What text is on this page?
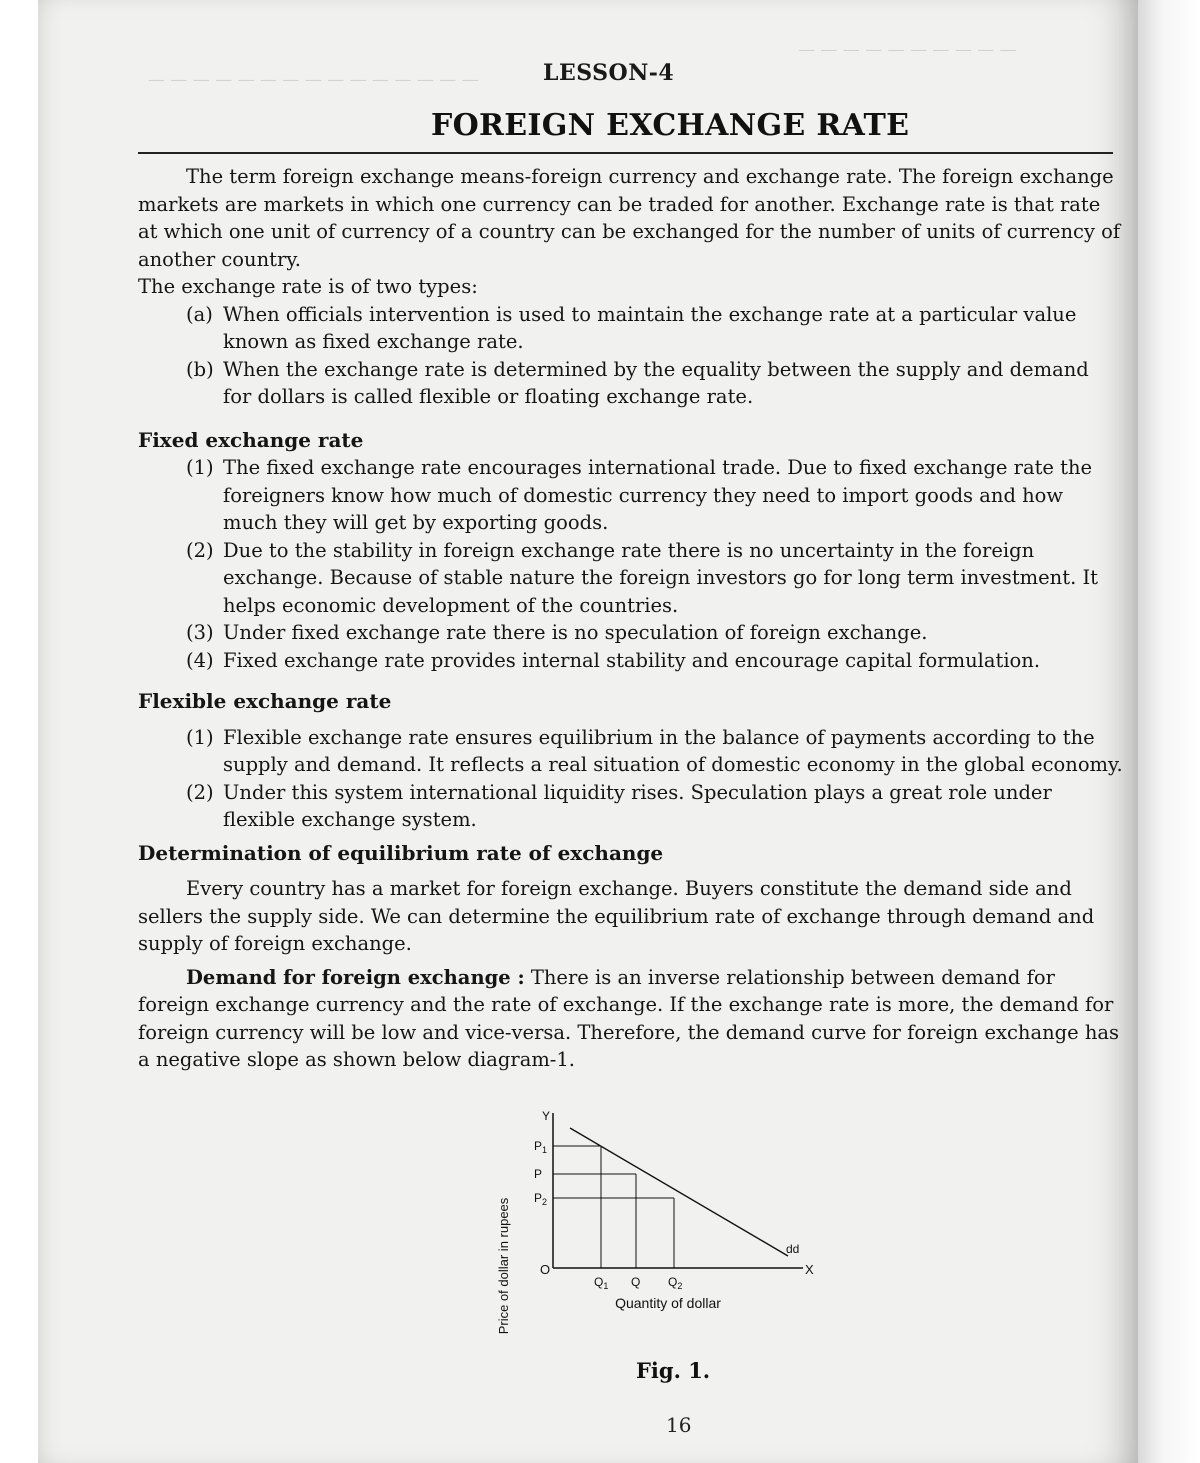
— — — — — — — — — — — — — — —
— — — — — — — — — —
LESSON-4
FOREIGN EXCHANGE RATE

The term foreign exchange means-foreign currency and exchange rate. The foreign exchange markets are markets in which one currency can be traded for another. Exchange rate is that rate at which one unit of currency of a country can be exchanged for the number of units of currency of another country.

The exchange rate is of two types:

(a) When officials intervention is used to maintain the exchange rate at a particular value known as fixed exchange rate.
(b) When the exchange rate is determined by the equality between the supply and demand for dollars is called flexible or floating exchange rate.

Fixed exchange rate

(1) The fixed exchange rate encourages international trade. Due to fixed exchange rate the foreigners know how much of domestic currency they need to import goods and how much they will get by exporting goods.
(2) Due to the stability in foreign exchange rate there is no uncertainty in the foreign exchange. Because of stable nature the foreign investors go for long term investment. It helps economic development of the countries.
(3) Under fixed exchange rate there is no speculation of foreign exchange.
(4) Fixed exchange rate provides internal stability and encourage capital formulation.

Flexible exchange rate

(1) Flexible exchange rate ensures equilibrium in the balance of payments according to the supply and demand. It reflects a real situation of domestic economy in the global economy.
(2) Under this system international liquidity rises. Speculation plays a great role under flexible exchange system.

Determination of equilibrium rate of exchange

Every country has a market for foreign exchange. Buyers constitute the demand side and sellers the supply side. We can determine the equilibrium rate of exchange through demand and supply of foreign exchange.

Demand for foreign exchange : There is an inverse relationship between demand for foreign exchange currency and the rate of exchange. If the exchange rate is more, the demand for foreign currency will be low and vice-versa. Therefore, the demand curve for foreign exchange has a negative slope as shown below diagram-1.

Price of dollar in rupees
Y
X
O
$P_1$
P
$P_2$
dd
$Q_1$ Q $Q_2$
Quantity of dollar
Fig. 1.
16
